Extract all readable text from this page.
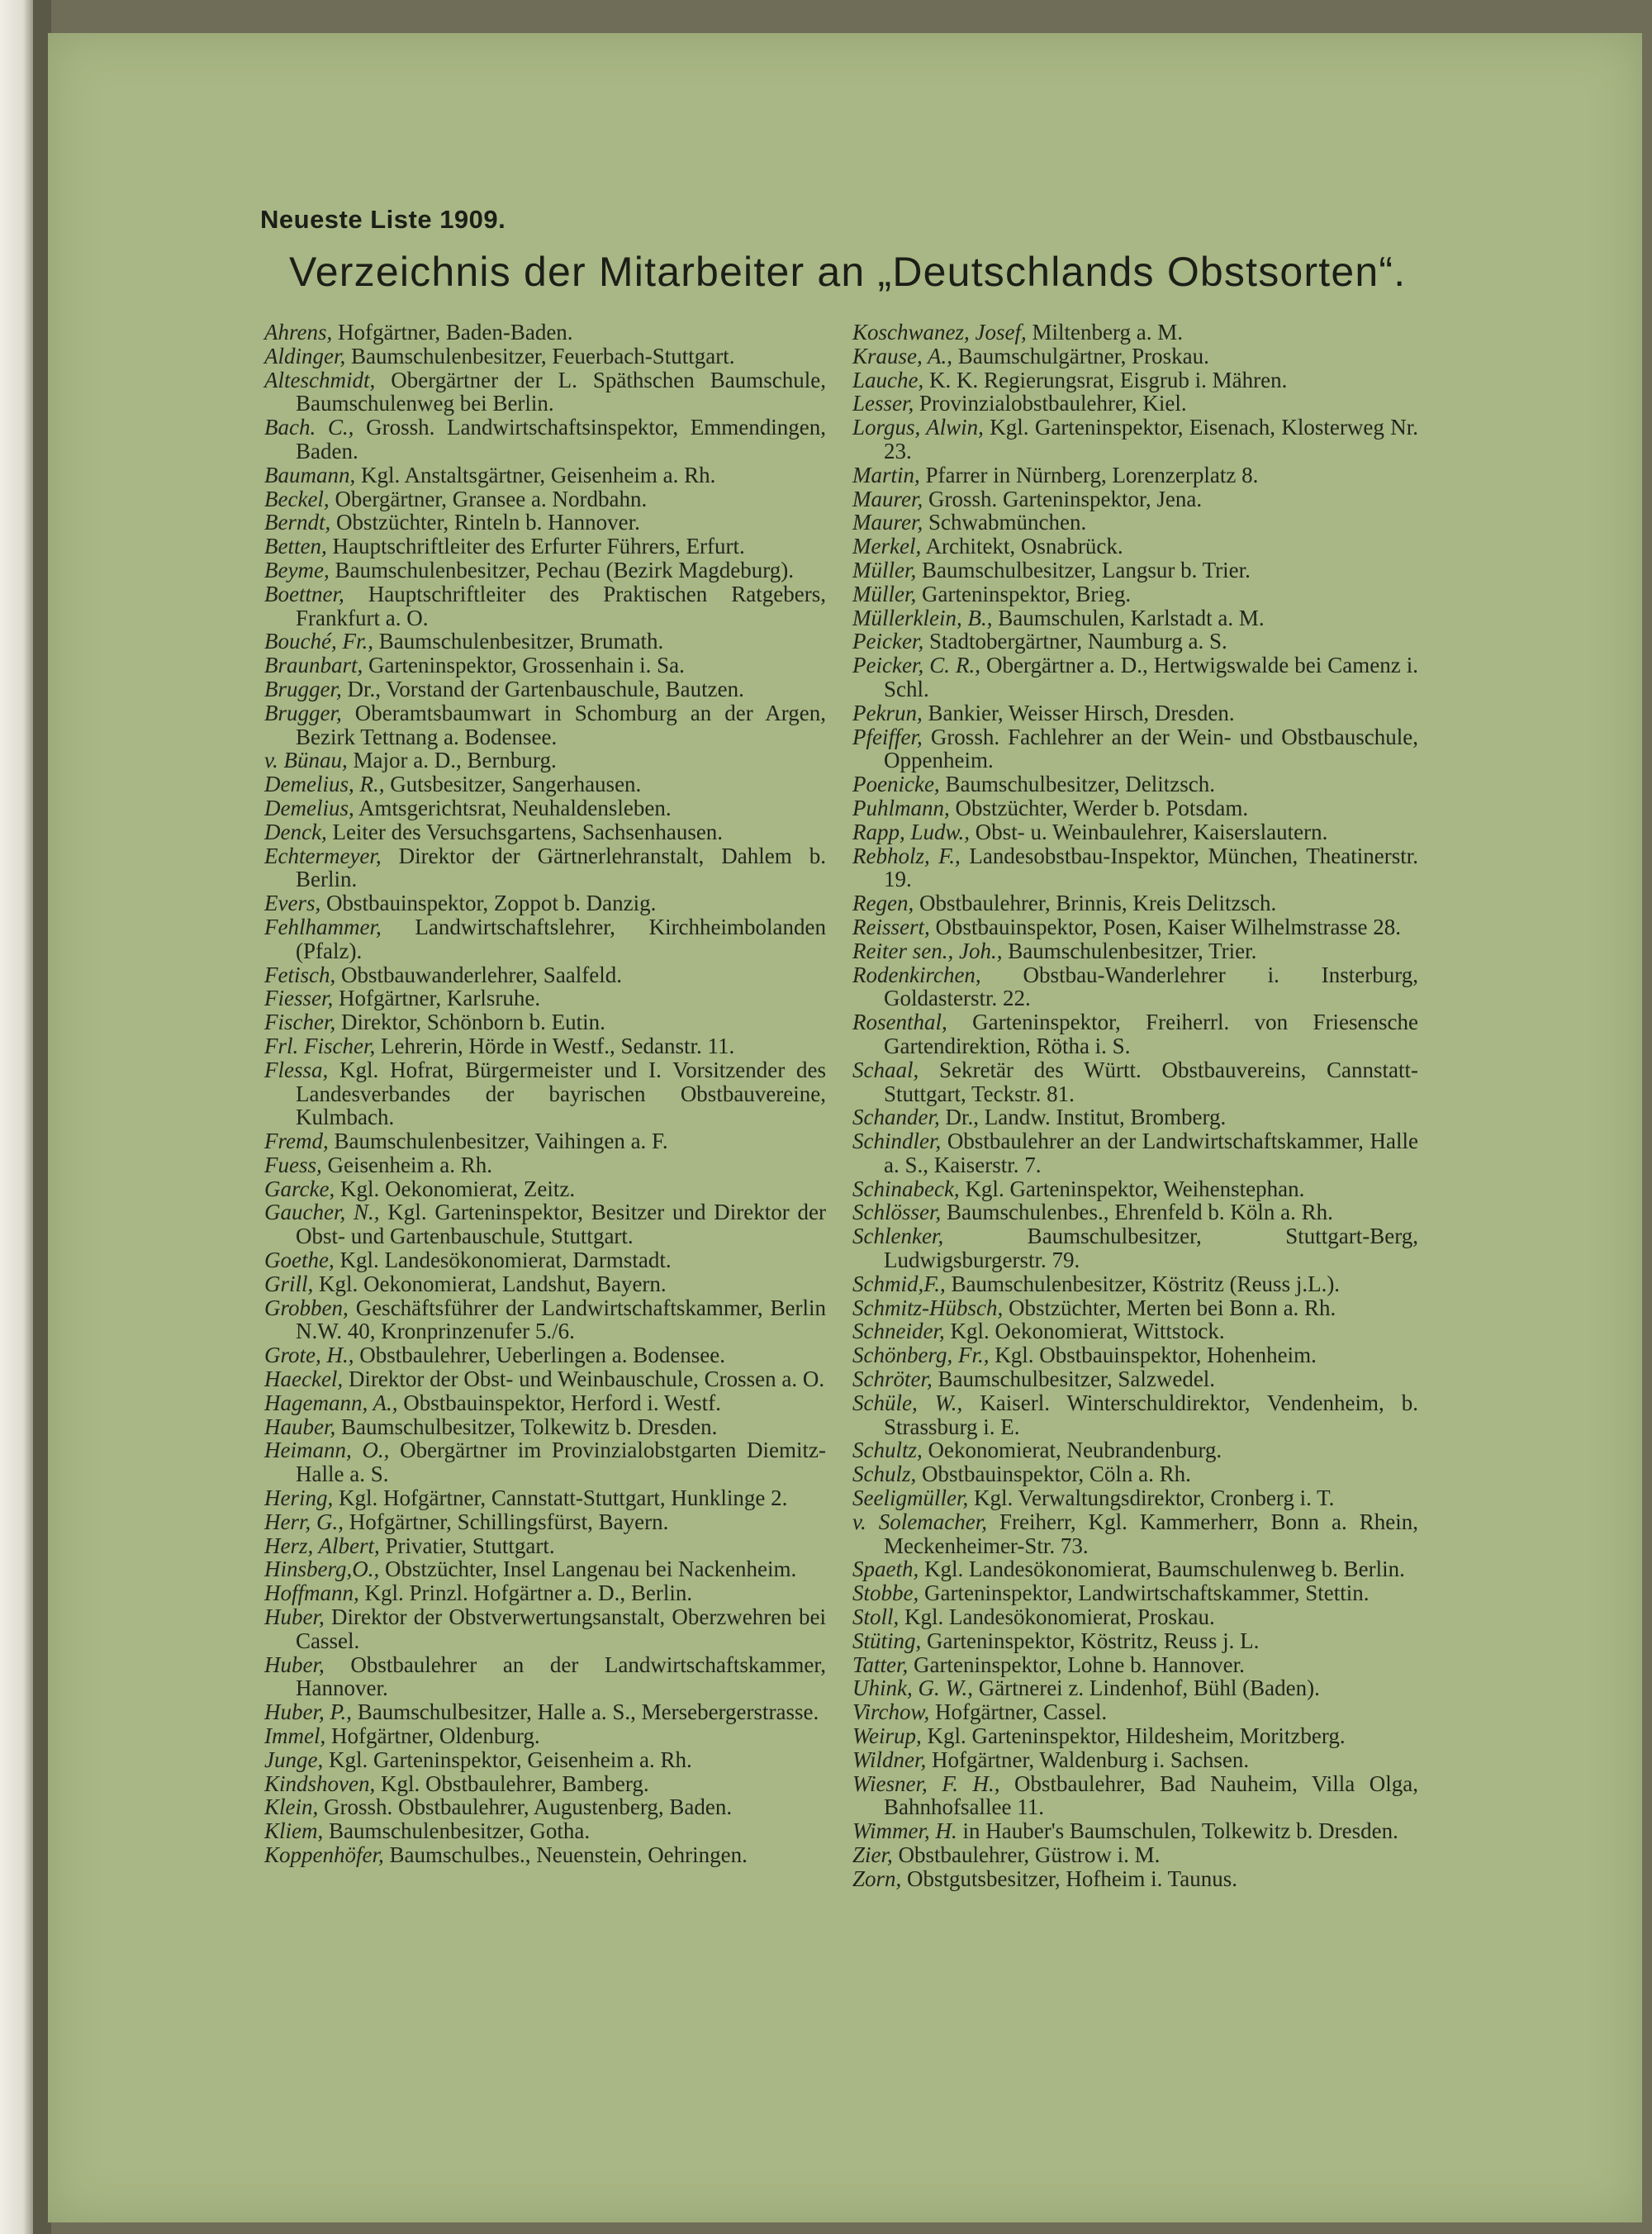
Neueste Liste 1909.
Verzeichnis der Mitarbeiter an „Deutschlands Obstsorten“.
Ahrens, Hofgärtner, Baden-Baden.
Aldinger, Baumschulenbesitzer, Feuerbach-Stuttgart.
Alteschmidt, Obergärtner der L. Späthschen Baumschule, Baumschulenweg bei Berlin.
Bach. C., Grossh. Landwirtschaftsinspektor, Emmendingen, Baden.
Baumann, Kgl. Anstaltsgärtner, Geisenheim a. Rh.
Beckel, Obergärtner, Gransee a. Nordbahn.
Berndt, Obstzüchter, Rinteln b. Hannover.
Betten, Hauptschriftleiter des Erfurter Führers, Erfurt.
Beyme, Baumschulenbesitzer, Pechau (Bezirk Magdeburg).
Boettner, Hauptschriftleiter des Praktischen Ratgebers, Frankfurt a. O.
Bouché, Fr., Baumschulenbesitzer, Brumath.
Braunbart, Garteninspektor, Grossenhain i. Sa.
Brugger, Dr., Vorstand der Gartenbauschule, Bautzen.
Brugger, Oberamtsbaumwart in Schomburg an der Argen, Bezirk Tettnang a. Bodensee.
v. Bünau, Major a. D., Bernburg.
Demelius, R., Gutsbesitzer, Sangerhausen.
Demelius, Amtsgerichtsrat, Neuhaldensleben.
Denck, Leiter des Versuchsgartens, Sachsenhausen.
Echtermeyer, Direktor der Gärtnerlehranstalt, Dahlem b. Berlin.
Evers, Obstbauinspektor, Zoppot b. Danzig.
Fehlhammer, Landwirtschaftslehrer, Kirchheimbolanden (Pfalz).
Fetisch, Obstbauwanderlehrer, Saalfeld.
Fiesser, Hofgärtner, Karlsruhe.
Fischer, Direktor, Schönborn b. Eutin.
Frl. Fischer, Lehrerin, Hörde in Westf., Sedanstr. 11.
Flessa, Kgl. Hofrat, Bürgermeister und I. Vorsitzender des Landesverbandes der bayrischen Obstbauvereine, Kulmbach.
Fremd, Baumschulenbesitzer, Vaihingen a. F.
Fuess, Geisenheim a. Rh.
Garcke, Kgl. Oekonomierat, Zeitz.
Gaucher, N., Kgl. Garteninspektor, Besitzer und Direktor der Obst- und Gartenbauschule, Stuttgart.
Goethe, Kgl. Landesökonomierat, Darmstadt.
Grill, Kgl. Oekonomierat, Landshut, Bayern.
Grobben, Geschäftsführer der Landwirtschaftskammer, Berlin N.W. 40, Kronprinzenufer 5./6.
Grote, H., Obstbaulehrer, Ueberlingen a. Bodensee.
Haeckel, Direktor der Obst- und Weinbauschule, Crossen a. O.
Hagemann, A., Obstbauinspektor, Herford i. Westf.
Hauber, Baumschulbesitzer, Tolkewitz b. Dresden.
Heimann, O., Obergärtner im Provinzialobstgarten Diemitz-Halle a. S.
Hering, Kgl. Hofgärtner, Cannstatt-Stuttgart, Hunklinge 2.
Herr, G., Hofgärtner, Schillingsfürst, Bayern.
Herz, Albert, Privatier, Stuttgart.
Hinsberg,O., Obstzüchter, Insel Langenau bei Nackenheim.
Hoffmann, Kgl. Prinzl. Hofgärtner a. D., Berlin.
Huber, Direktor der Obstverwertungsanstalt, Oberzwehren bei Cassel.
Huber, Obstbaulehrer an der Landwirtschaftskammer, Hannover.
Huber, P., Baumschulbesitzer, Halle a. S., Mersebergerstrasse.
Immel, Hofgärtner, Oldenburg.
Junge, Kgl. Garteninspektor, Geisenheim a. Rh.
Kindshoven, Kgl. Obstbaulehrer, Bamberg.
Klein, Grossh. Obstbaulehrer, Augustenberg, Baden.
Kliem, Baumschulenbesitzer, Gotha.
Koppenhöfer, Baumschulbes., Neuenstein, Oehringen.
Koschwanez, Josef, Miltenberg a. M.
Krause, A., Baumschulgärtner, Proskau.
Lauche, K. K. Regierungsrat, Eisgrub i. Mähren.
Lesser, Provinzialobstbaulehrer, Kiel.
Lorgus, Alwin, Kgl. Garteninspektor, Eisenach, Klosterweg Nr. 23.
Martin, Pfarrer in Nürnberg, Lorenzerplatz 8.
Maurer, Grossh. Garteninspektor, Jena.
Maurer, Schwabmünchen.
Merkel, Architekt, Osnabrück.
Müller, Baumschulbesitzer, Langsur b. Trier.
Müller, Garteninspektor, Brieg.
Müllerklein, B., Baumschulen, Karlstadt a. M.
Peicker, Stadtobergärtner, Naumburg a. S.
Peicker, C. R., Obergärtner a. D., Hertwigswalde bei Camenz i. Schl.
Pekrun, Bankier, Weisser Hirsch, Dresden.
Pfeiffer, Grossh. Fachlehrer an der Wein- und Obstbauschule, Oppenheim.
Poenicke, Baumschulbesitzer, Delitzsch.
Puhlmann, Obstzüchter, Werder b. Potsdam.
Rapp, Ludw., Obst- u. Weinbaulehrer, Kaiserslautern.
Rebholz, F., Landesobstbau-Inspektor, München, Theatinerstr. 19.
Regen, Obstbaulehrer, Brinnis, Kreis Delitzsch.
Reissert, Obstbauinspektor, Posen, Kaiser Wilhelmstrasse 28.
Reiter sen., Joh., Baumschulenbesitzer, Trier.
Rodenkirchen, Obstbau-Wanderlehrer i. Insterburg, Goldasterstr. 22.
Rosenthal, Garteninspektor, Freiherrl. von Friesensche Gartendirektion, Rötha i. S.
Schaal, Sekretär des Württ. Obstbauvereins, Cannstatt-Stuttgart, Teckstr. 81.
Schander, Dr., Landw. Institut, Bromberg.
Schindler, Obstbaulehrer an der Landwirtschaftskammer, Halle a. S., Kaiserstr. 7.
Schinabeck, Kgl. Garteninspektor, Weihenstephan.
Schlösser, Baumschulenbes., Ehrenfeld b. Köln a. Rh.
Schlenker, Baumschulbesitzer, Stuttgart-Berg, Ludwigsburgerstr. 79.
Schmid,F., Baumschulenbesitzer, Köstritz (Reuss j.L.).
Schmitz-Hübsch, Obstzüchter, Merten bei Bonn a. Rh.
Schneider, Kgl. Oekonomierat, Wittstock.
Schönberg, Fr., Kgl. Obstbauinspektor, Hohenheim.
Schröter, Baumschulbesitzer, Salzwedel.
Schüle, W., Kaiserl. Winterschuldirektor, Vendenheim, b. Strassburg i. E.
Schultz, Oekonomierat, Neubrandenburg.
Schulz, Obstbauinspektor, Cöln a. Rh.
Seeligmüller, Kgl. Verwaltungsdirektor, Cronberg i. T.
v. Solemacher, Freiherr, Kgl. Kammerherr, Bonn a. Rhein, Meckenheimer-Str. 73.
Spaeth, Kgl. Landesökonomierat, Baumschulenweg b. Berlin.
Stobbe, Garteninspektor, Landwirtschaftskammer, Stettin.
Stoll, Kgl. Landesökonomierat, Proskau.
Stüting, Garteninspektor, Köstritz, Reuss j. L.
Tatter, Garteninspektor, Lohne b. Hannover.
Uhink, G. W., Gärtnerei z. Lindenhof, Bühl (Baden).
Virchow, Hofgärtner, Cassel.
Weirup, Kgl. Garteninspektor, Hildesheim, Moritzberg.
Wildner, Hofgärtner, Waldenburg i. Sachsen.
Wiesner, F. H., Obstbaulehrer, Bad Nauheim, Villa Olga, Bahnhofsallee 11.
Wimmer, H. in Hauber's Baumschulen, Tolkewitz b. Dresden.
Zier, Obstbaulehrer, Güstrow i. M.
Zorn, Obstgutsbesitzer, Hofheim i. Taunus.
